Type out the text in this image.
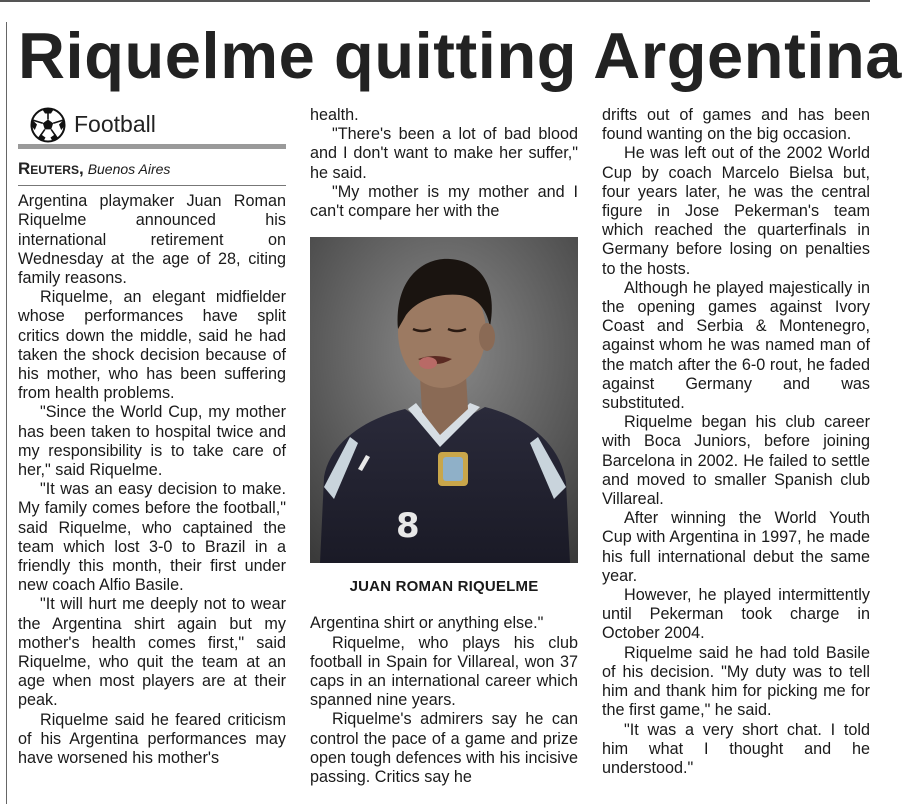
Riquelme quitting Argentina
Football
Reuters, Buenos Aires

Argentina playmaker Juan Roman Riquelme announced his international retirement on Wednesday at the age of 28, citing family reasons.

Riquelme, an elegant midfielder whose performances have split critics down the middle, said he had taken the shock decision because of his mother, who has been suffering from health problems.

"Since the World Cup, my mother has been taken to hospital twice and my responsibility is to take care of her," said Riquelme.

"It was an easy decision to make. My family comes before the football," said Riquelme, who captained the team which lost 3-0 to Brazil in a friendly this month, their first under new coach Alfio Basile.

"It will hurt me deeply not to wear the Argentina shirt again but my mother's health comes first," said Riquelme, who quit the team at an age when most players are at their peak.

Riquelme said he feared criticism of his Argentina performances may have worsened his mother's

health.

"There's been a lot of bad blood and I don't want to make her suffer," he said.

"My mother is my mother and I can't compare her with the

8
JUAN ROMAN RIQUELME

Argentina shirt or anything else."

Riquelme, who plays his club football in Spain for Villareal, won 37 caps in an international career which spanned nine years.

Riquelme's admirers say he can control the pace of a game and prize open tough defences with his incisive passing. Critics say he

drifts out of games and has been found wanting on the big occasion.

He was left out of the 2002 World Cup by coach Marcelo Bielsa but, four years later, he was the central figure in Jose Pekerman's team which reached the quarterfinals in Germany before losing on penalties to the hosts.

Although he played majestically in the opening games against Ivory Coast and Serbia & Montenegro, against whom he was named man of the match after the 6-0 rout, he faded against Germany and was substituted.

Riquelme began his club career with Boca Juniors, before joining Barcelona in 2002. He failed to settle and moved to smaller Spanish club Villareal.

After winning the World Youth Cup with Argentina in 1997, he made his full international debut the same year.

However, he played intermittently until Pekerman took charge in October 2004.

Riquelme said he had told Basile of his decision. "My duty was to tell him and thank him for picking me for the first game," he said.

"It was a very short chat. I told him what I thought and he understood."
